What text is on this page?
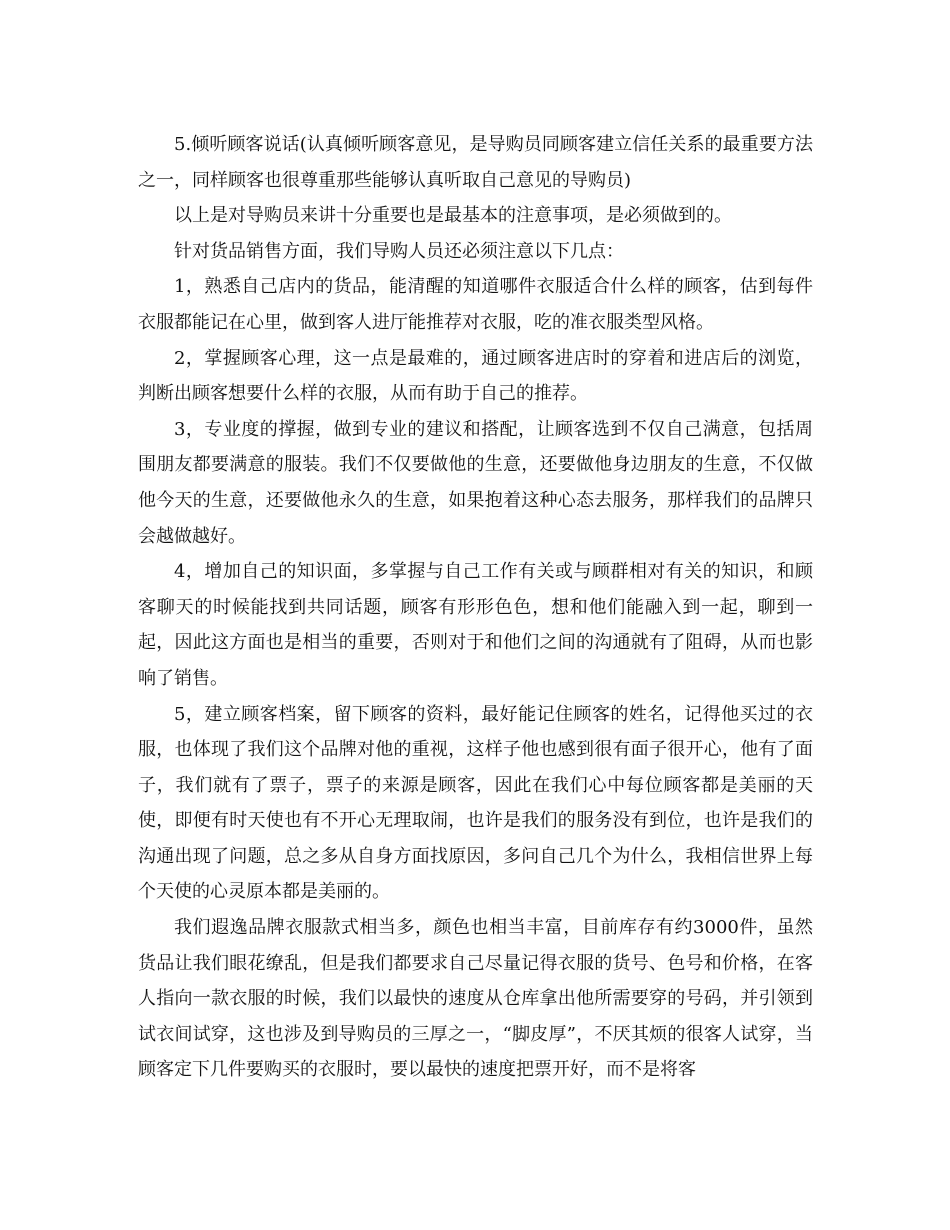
5.倾听顾客说话(认真倾听顾客意见，是导购员同顾客建立信任关系的最重要方法之一，同样顾客也很尊重那些能够认真听取自己意见的导购员)

以上是对导购员来讲十分重要也是最基本的注意事项，是必须做到的。

针对货品销售方面，我们导购人员还必须注意以下几点：

1，熟悉自己店内的货品，能清醒的知道哪件衣服适合什么样的顾客，估到每件衣服都能记在心里，做到客人进厅能推荐对衣服，吃的准衣服类型风格。

2，掌握顾客心理，这一点是最难的，通过顾客进店时的穿着和进店后的浏览，判断出顾客想要什么样的衣服，从而有助于自己的推荐。

3，专业度的撑握，做到专业的建议和搭配，让顾客选到不仅自己满意，包括周围朋友都要满意的服装。我们不仅要做他的生意，还要做他身边朋友的生意，不仅做他今天的生意，还要做他永久的生意，如果抱着这种心态去服务，那样我们的品牌只会越做越好。

4，增加自己的知识面，多掌握与自己工作有关或与顾群相对有关的知识，和顾客聊天的时候能找到共同话题，顾客有形形色色，想和他们能融入到一起，聊到一起，因此这方面也是相当的重要，否则对于和他们之间的沟通就有了阻碍，从而也影响了销售。

5，建立顾客档案，留下顾客的资料，最好能记住顾客的姓名，记得他买过的衣服，也体现了我们这个品牌对他的重视，这样子他也感到很有面子很开心，他有了面子，我们就有了票子，票子的来源是顾客，因此在我们心中每位顾客都是美丽的天使，即便有时天使也有不开心无理取闹，也许是我们的服务没有到位，也许是我们的沟通出现了问题，总之多从自身方面找原因，多问自己几个为什么，我相信世界上每个天使的心灵原本都是美丽的。

我们遐逸品牌衣服款式相当多，颜色也相当丰富，目前库存有约3000件，虽然货品让我们眼花缭乱，但是我们都要求自己尽量记得衣服的货号、色号和价格，在客人指向一款衣服的时候，我们以最快的速度从仓库拿出他所需要穿的号码，并引领到试衣间试穿，这也涉及到导购员的三厚之一，“脚皮厚”，不厌其烦的很客人试穿，当顾客定下几件要购买的衣服时，要以最快的速度把票开好，而不是将客
